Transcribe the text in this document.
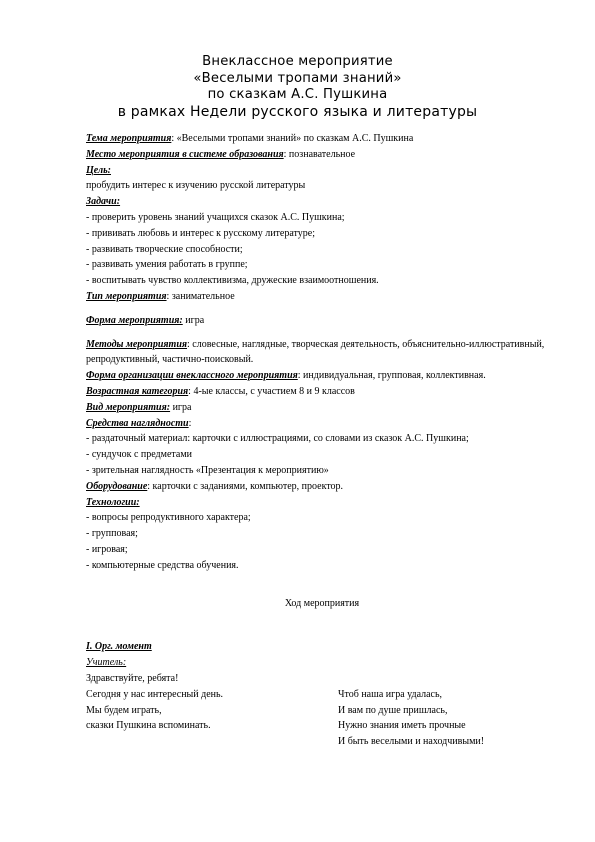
Внеклассное мероприятие
«Веселыми тропами знаний»
по сказкам А.С. Пушкина
в рамках Недели русского языка и литературы
Тема мероприятия: «Веселыми тропами знаний» по сказкам А.С. Пушкина
Место мероприятия в системе образования: познавательное
Цель:
пробудить интерес к изучению русской литературы
Задачи:
- проверить уровень знаний учащихся сказок А.С. Пушкина;
- прививать любовь и интерес к русскому литературе;
- развивать творческие способности;
- развивать умения работать в группе;
- воспитывать чувство коллективизма, дружеские взаимоотношения.
Тип мероприятия: занимательное
Форма мероприятия: игра
Методы мероприятия: словесные, наглядные, творческая деятельность, объяснительно-иллюстративный, репродуктивный, частично-поисковый.
Форма организации внеклассного мероприятия: индивидуальная, групповая, коллективная.
Возрастная категория: 4-ые классы, с участием 8 и 9 классов
Вид мероприятия: игра
Средства наглядности:
- раздаточный материал: карточки с иллюстрациями, со словами из сказок А.С. Пушкина;
- сундучок с предметами
- зрительная наглядность «Презентация к мероприятию»
Оборудование: карточки с заданиями, компьютер, проектор.
Технологии:
- вопросы репродуктивного характера;
- групповая;
- игровая;
- компьютерные средства обучения.
Ход мероприятия
I. Орг. момент
Учитель:
Здравствуйте, ребята!
Сегодня у нас интересный день.
Мы будем играть,
сказки Пушкина вспоминать.
Чтоб наша игра удалась,
И вам по душе пришлась,
Нужно знания иметь прочные
И быть веселыми и находчивыми!
